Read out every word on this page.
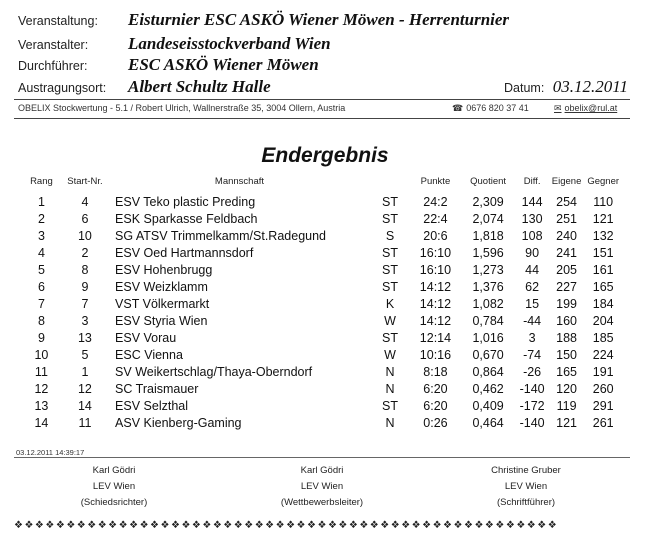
Veranstaltung: Eisturnier ESC ASKÖ Wiener Möwen - Herrenturnier
Veranstalter: Landeseisstockverband Wien
Durchführer: ESC ASKÖ Wiener Möwen
Austragungsort: Albert Schultz Halle	Datum: 03.12.2011
OBELIX Stockwertung - 5.1 / Robert Ulrich, Wallnerstraße 35, 3004 Ollern, Austria	☎ 0676 820 37 41	✉ obelix@rul.at
Endergebnis
Rang	Start-Nr.	Mannschaft		Punkte	Quotient	Diff.	Eigene	Gegner
1	4	ESV Teko plastic Preding	ST	24:2	2,309	144	254	110
2	6	ESK Sparkasse Feldbach	ST	22:4	2,074	130	251	121
3	10	SG ATSV Trimmelkamm/St.Radegund	S	20:6	1,818	108	240	132
4	2	ESV Oed Hartmannsdorf	ST	16:10	1,596	90	241	151
5	8	ESV Hohenbrugg	ST	16:10	1,273	44	205	161
6	9	ESV Weizklamm	ST	14:12	1,376	62	227	165
7	7	VST Völkermarkt	K	14:12	1,082	15	199	184
8	3	ESV Styria Wien	W	14:12	0,784	-44	160	204
9	13	ESV Vorau	ST	12:14	1,016	3	188	185
10	5	ESC Vienna	W	10:16	0,670	-74	150	224
11	1	SV Weikertschlag/Thaya-Oberndorf	N	8:18	0,864	-26	165	191
12	12	SC Traismauer	N	6:20	0,462	-140	120	260
13	14	ESV Selzthal	ST	6:20	0,409	-172	119	291
14	11	ASV Kienberg-Gaming	N	0:26	0,464	-140	121	261
03.12.2011 14:39:17
Karl Gödri
LEV Wien
(Schiedsrichter)
Karl Gödri
LEV Wien
(Wettbewerbsleiter)
Christine Gruber
LEV Wien
(Schriftführer)
❖❖❖❖❖❖❖❖❖❖❖❖❖❖❖❖❖❖❖❖❖❖❖❖❖❖❖❖❖❖❖❖❖❖❖❖❖❖❖❖❖❖❖❖❖❖❖❖❖❖❖❖
